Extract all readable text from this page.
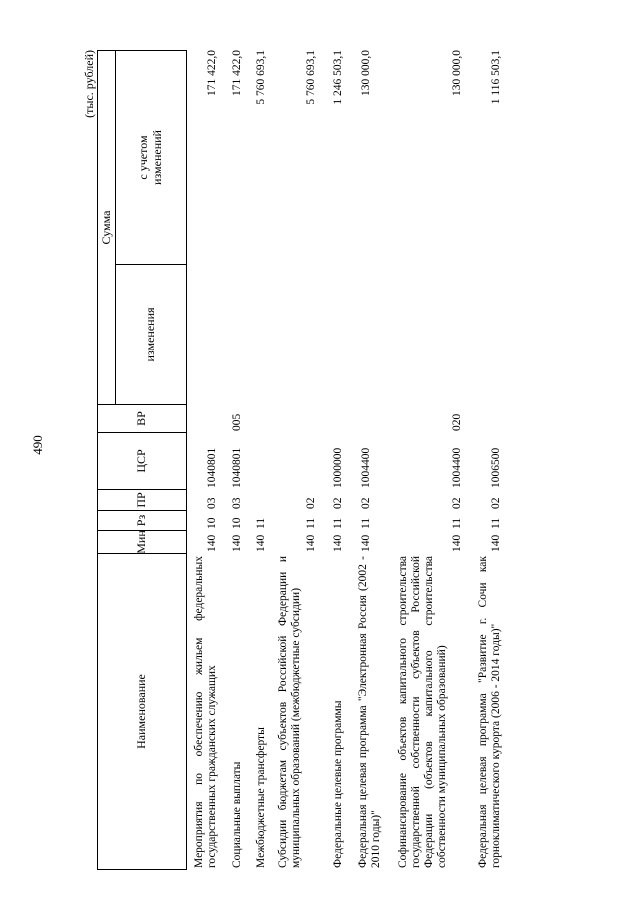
490
(тыс. рублей)
Наименование
Мин
Рз
ПР
ЦСР
ВР
Сумма
изменения
с учетом изменений
Мероприятия по обеспечению жильем федеральных государственных гражданских служащих
140
10
03
1040801
171 422,0
Социальные выплаты
140
10
03
1040801
005
171 422,0
Межбюджетные трансферты
140
11
5 760 693,1
Субсидии бюджетам субъектов Российской Федерации и муниципальных образований (межбюджетные субсидии)
140
11
02
5 760 693,1
Федеральные целевые программы
140
11
02
1000000
1 246 503,1
Федеральная целевая программа "Электронная Россия (2002 - 2010 годы)"
140
11
02
1004400
130 000,0
Софинансирование объектов капитального строительства государственной собственности субъектов Российской Федерации (объектов капитального строительства собственности муниципальных образований)
140
11
02
1004400
020
130 000,0
Федеральная целевая программа "Развитие г. Сочи как горноклиматического курорта (2006 - 2014 годы)"
140
11
02
1006500
1 116 503,1
